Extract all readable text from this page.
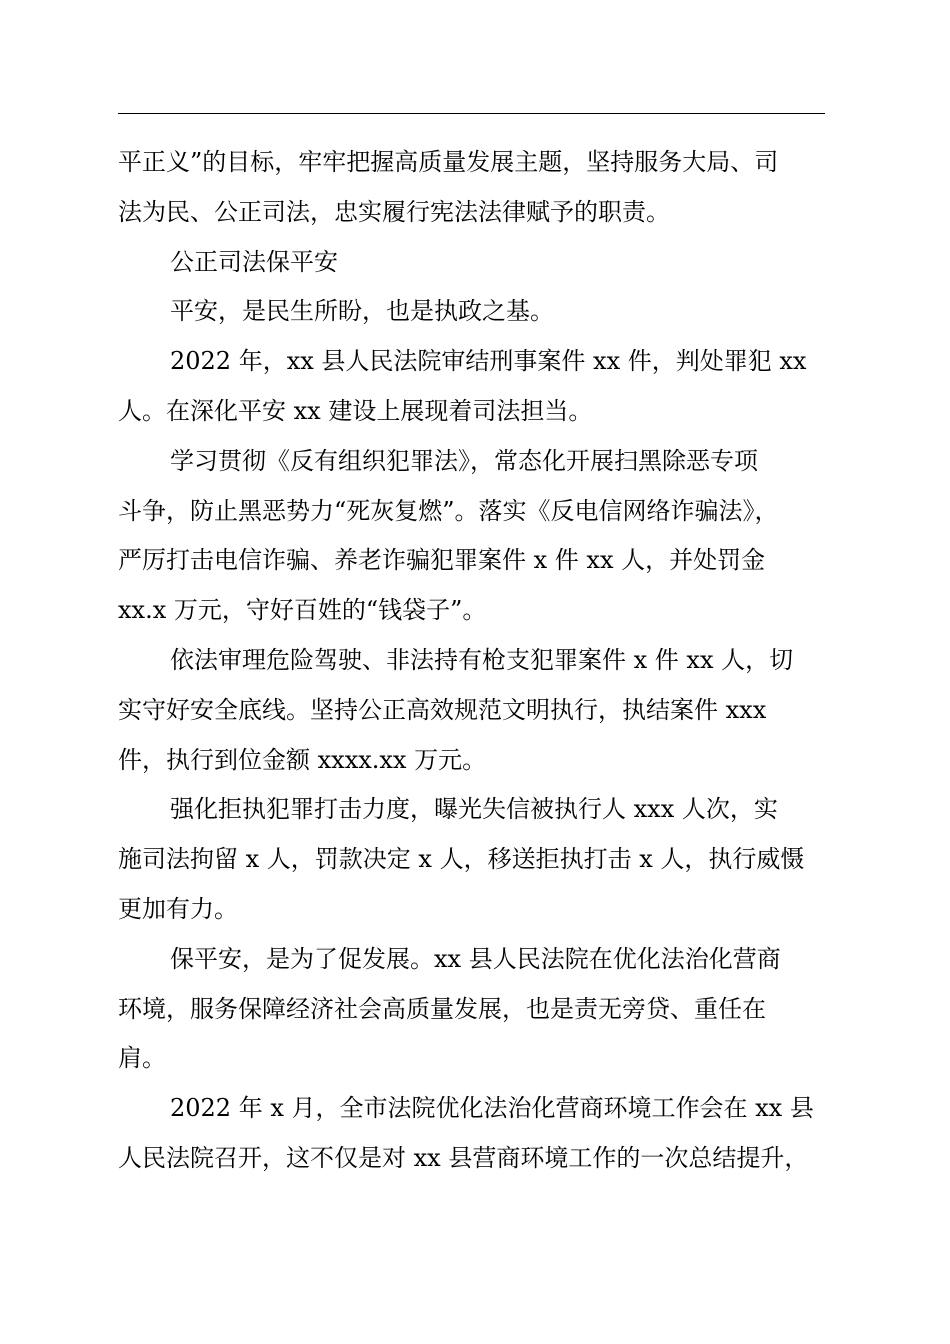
平正义”的目标，牢牢把握高质量发展主题，坚持服务大局、司
法为民、公正司法，忠实履行宪法法律赋予的职责。
公正司法保平安
平安，是民生所盼，也是执政之基。
2022 年，xx 县人民法院审结刑事案件 xx 件，判处罪犯 xx
人。在深化平安 xx 建设上展现着司法担当。
学习贯彻《反有组织犯罪法》，常态化开展扫黑除恶专项
斗争，防止黑恶势力“死灰复燃”。落实《反电信网络诈骗法》，
严厉打击电信诈骗、养老诈骗犯罪案件 x 件 xx 人，并处罚金
xx.x 万元，守好百姓的“钱袋子”。
依法审理危险驾驶、非法持有枪支犯罪案件 x 件 xx 人，切
实守好安全底线。坚持公正高效规范文明执行，执结案件 xxx
件，执行到位金额 xxxx.xx 万元。
强化拒执犯罪打击力度，曝光失信被执行人 xxx 人次，实
施司法拘留 x 人，罚款决定 x 人，移送拒执打击 x 人，执行威慑
更加有力。
保平安，是为了促发展。xx 县人民法院在优化法治化营商
环境，服务保障经济社会高质量发展，也是责无旁贷、重任在
肩。
2022 年 x 月，全市法院优化法治化营商环境工作会在 xx 县
人民法院召开，这不仅是对 xx 县营商环境工作的一次总结提升，
